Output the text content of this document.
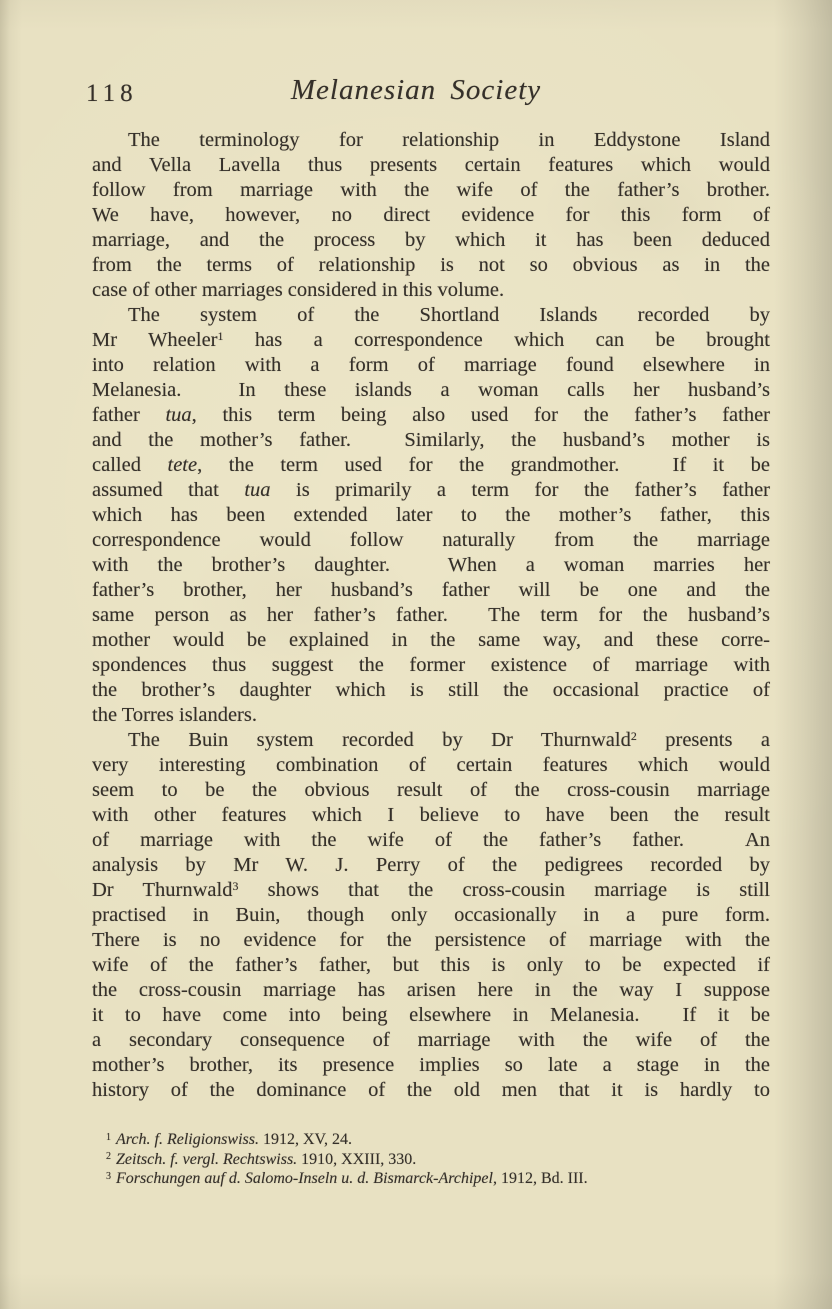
118	Melanesian Society
The terminology for relationship in Eddystone Island
and Vella Lavella thus presents certain features which would
follow from marriage with the wife of the father’s brother.
We have, however, no direct evidence for this form of
marriage, and the process by which it has been deduced
from the terms of relationship is not so obvious as in the
case of other marriages considered in this volume.
The system of the Shortland Islands recorded by
Mr Wheeler$^1$ has a correspondence which can be brought
into relation with a form of marriage found elsewhere in
Melanesia.  In these islands a woman calls her husband’s
father tua, this term being also used for the father’s father
and the mother’s father.  Similarly, the husband’s mother is
called tete, the term used for the grandmother.  If it be
assumed that tua is primarily a term for the father’s father
which has been extended later to the mother’s father, this
correspondence would follow naturally from the marriage
with the brother’s daughter.  When a woman marries her
father’s brother, her husband’s father will be one and the
same person as her father’s father.  The term for the husband’s
mother would be explained in the same way, and these corre-
spondences thus suggest the former existence of marriage with
the brother’s daughter which is still the occasional practice of
the Torres islanders.
The Buin system recorded by Dr Thurnwald$^2$ presents a
very interesting combination of certain features which would
seem to be the obvious result of the cross-cousin marriage
with other features which I believe to have been the result
of marriage with the wife of the father’s father.  An
analysis by Mr W. J. Perry of the pedigrees recorded by
Dr Thurnwald$^3$ shows that the cross-cousin marriage is still
practised in Buin, though only occasionally in a pure form.
There is no evidence for the persistence of marriage with the
wife of the father’s father, but this is only to be expected if
the cross-cousin marriage has arisen here in the way I suppose
it to have come into being elsewhere in Melanesia.  If it be
a secondary consequence of marriage with the wife of the
mother’s brother, its presence implies so late a stage in the
history of the dominance of the old men that it is hardly to
$^1$ Arch. f. Religionswiss. 1912, XV, 24.
$^2$ Zeitsch. f. vergl. Rechtswiss. 1910, XXIII, 330.
$^3$ Forschungen auf d. Salomo-Inseln u. d. Bismarck-Archipel, 1912, Bd. III.
